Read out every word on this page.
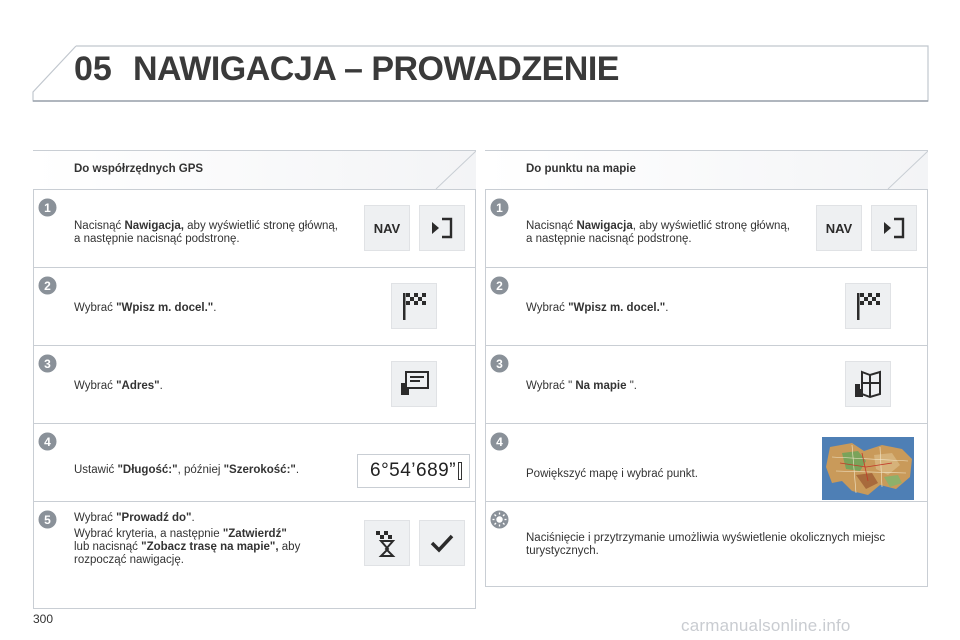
05 NAWIGACJA – PROWADZENIE
Do współrzędnych GPS
1
Nacisnąć Nawigacja, aby wyświetlić stronę główną, a następnie nacisnąć podstronę.
NAV
2
Wybrać "Wpisz m. docel.".
3
Wybrać "Adres".
4
Ustawić "Długość:", później "Szerokość:".	6°54’689”
5 Wybrać "Prowadź do".
Wybrać kryteria, a następnie "Zatwierdź"
lub nacisnąć "Zobacz trasę na mapie", aby rozpocząć nawigację.
Do punktu na mapie
1
Nacisnąć Nawigacja, aby wyświetlić stronę główną, a następnie nacisnąć podstronę.
NAV
2
Wybrać "Wpisz m. docel.".
3
Wybrać " Na mapie ".
4
Powiększyć mapę i wybrać punkt.
Naciśnięcie i przytrzymanie umożliwia wyświetlenie okolicznych miejsc turystycznych.
300	carmanualsonline.info
